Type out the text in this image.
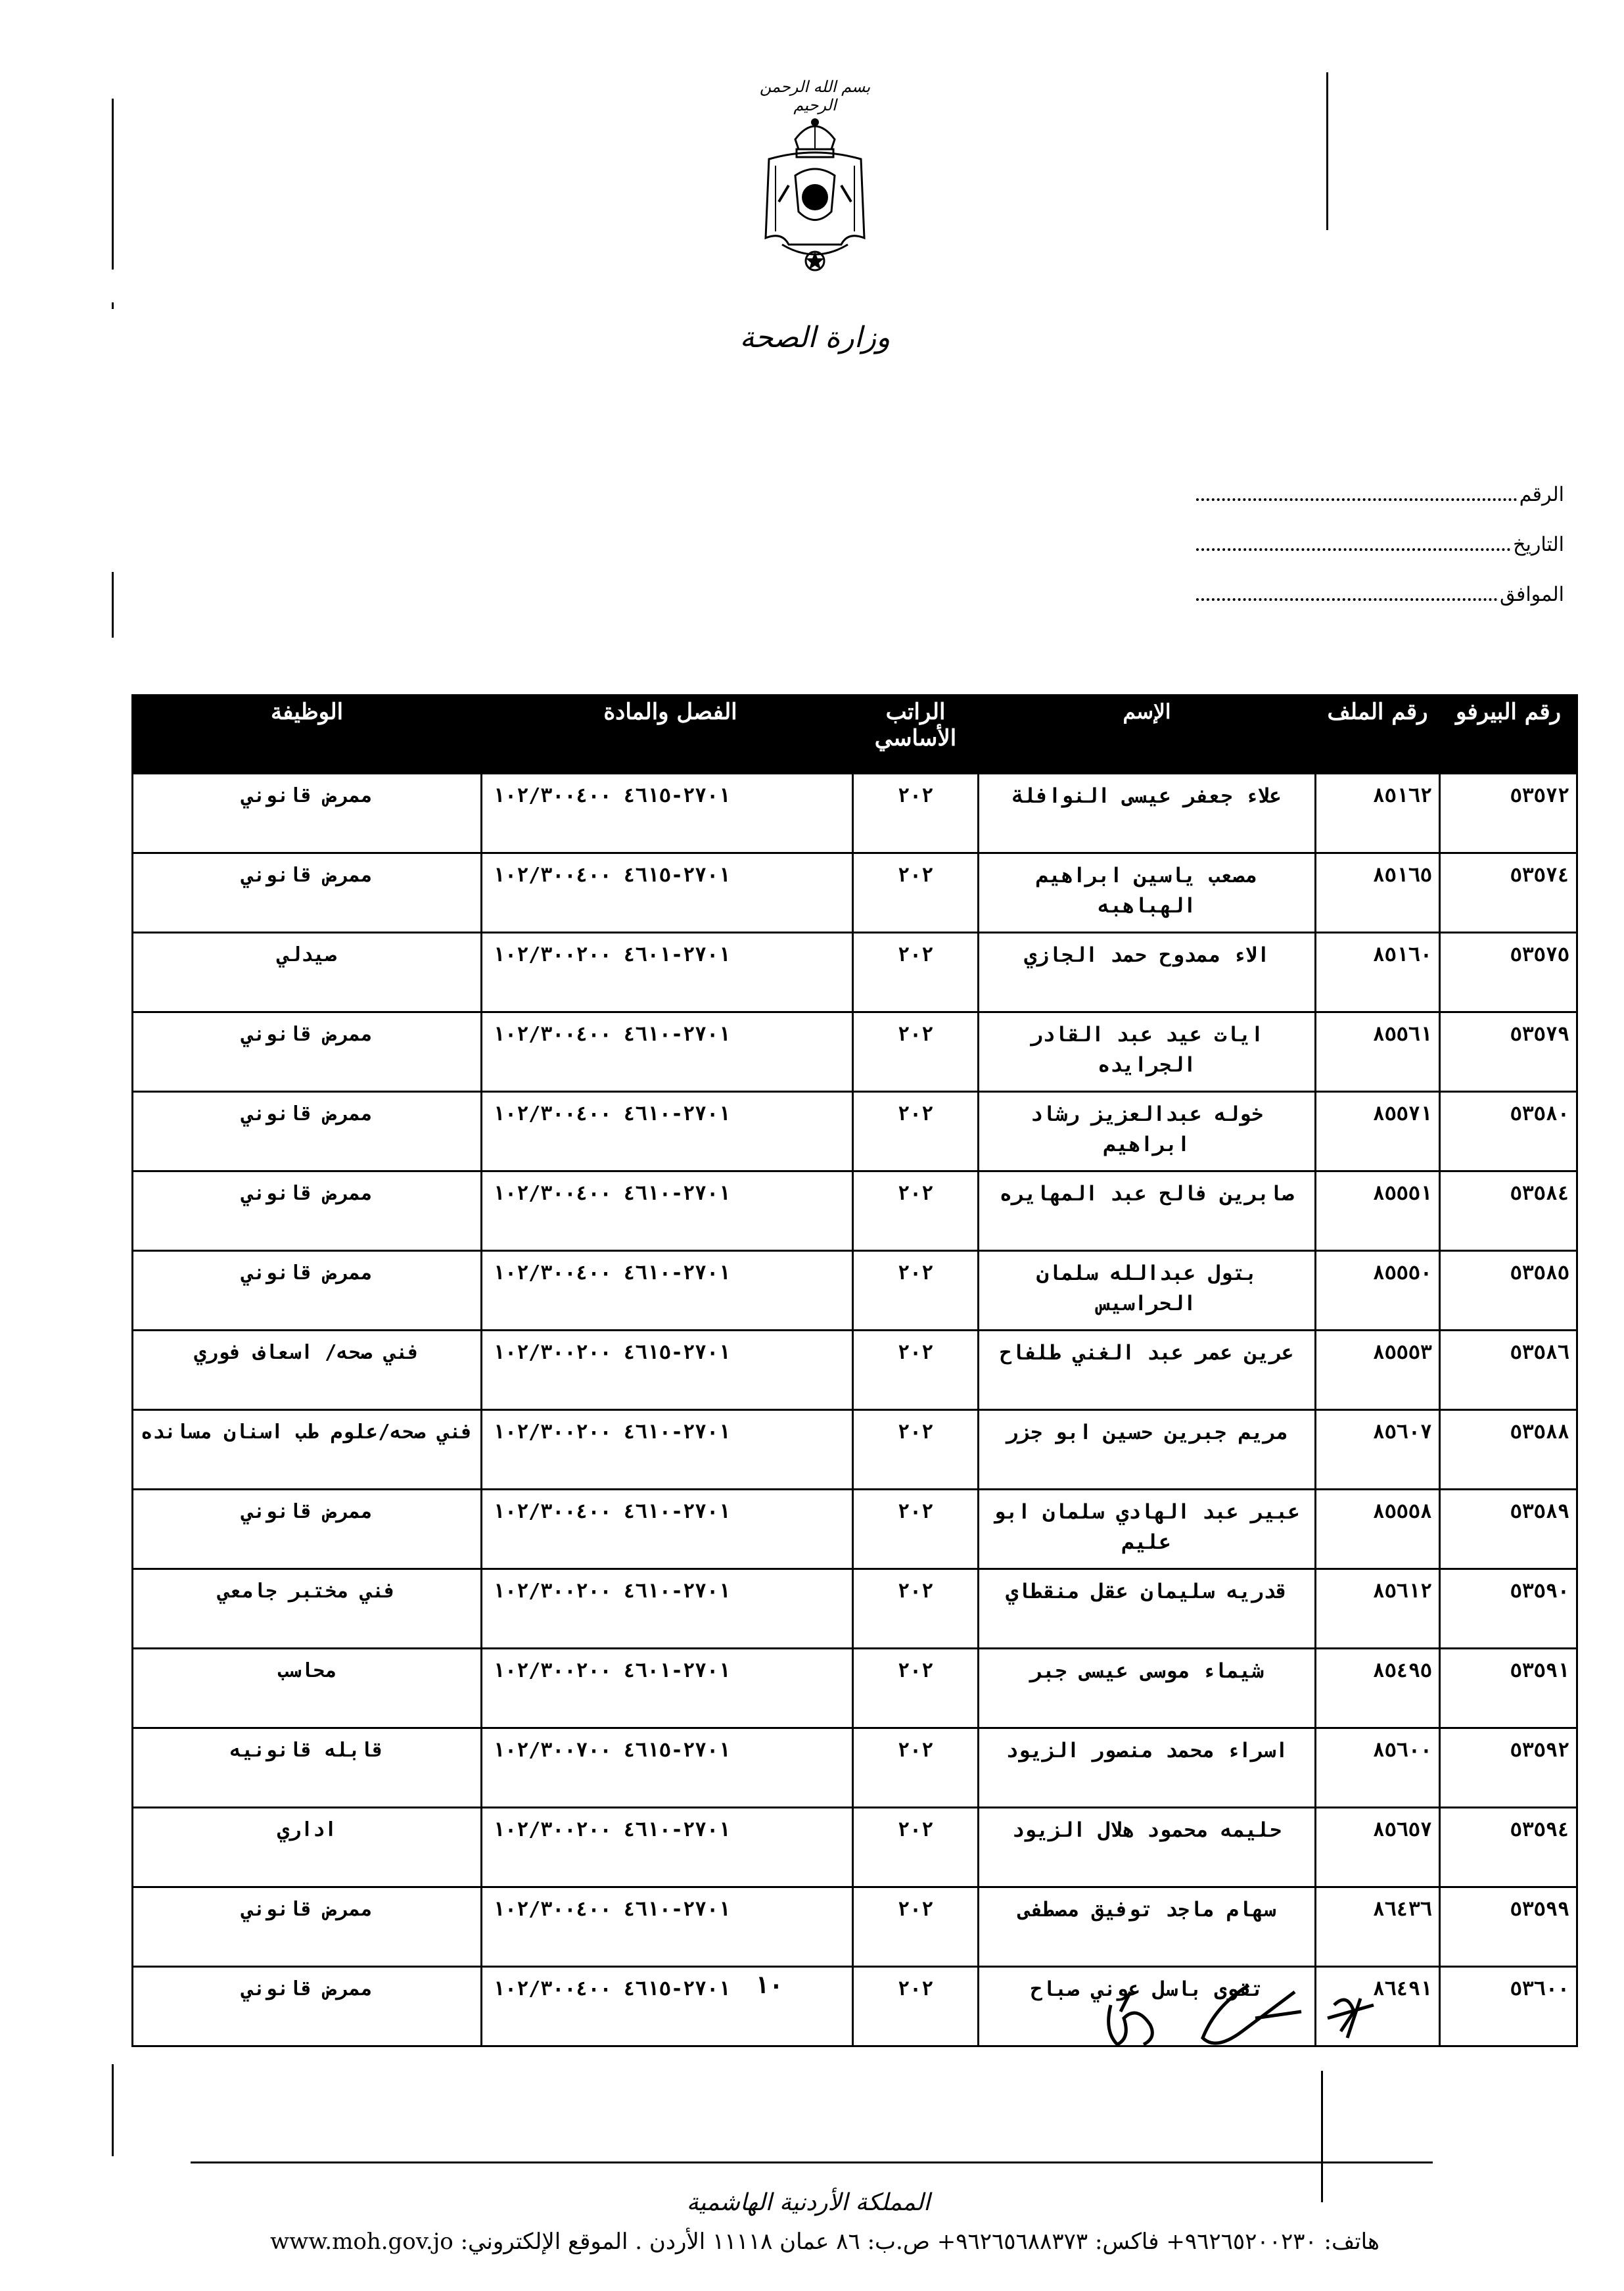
بسم الله الرحمن الرحيم
وزارة الصحة
الرقم
التاريخ
الموافق
رقم البيرفو	رقم الملف	الإسم	الراتب الأساسي	الفصل والمادة	الوظيفة
٥٣٥٧٢	٨٥١٦٢	علاء جعفر عيسى النوافلة	٢٠٢	٢٧٠١-٤٦١٥ ١٠٢/٣٠٠٤٠٠	ممرض قانوني
٥٣٥٧٤	٨٥١٦٥	مصعب ياسين ابراهيم الهباهبه	٢٠٢	٢٧٠١-٤٦١٥ ١٠٢/٣٠٠٤٠٠	ممرض قانوني
٥٣٥٧٥	٨٥١٦٠	الاء ممدوح حمد الجازي	٢٠٢	٢٧٠١-٤٦٠١ ١٠٢/٣٠٠٢٠٠	صيدلي
٥٣٥٧٩	٨٥٥٦١	ايات عيد عبد القادر الجرايده	٢٠٢	٢٧٠١-٤٦١٠ ١٠٢/٣٠٠٤٠٠	ممرض قانوني
٥٣٥٨٠	٨٥٥٧١	خوله عبدالعزيز رشاد ابراهيم	٢٠٢	٢٧٠١-٤٦١٠ ١٠٢/٣٠٠٤٠٠	ممرض قانوني
٥٣٥٨٤	٨٥٥٥١	صابرين فالح عبد المهايره	٢٠٢	٢٧٠١-٤٦١٠ ١٠٢/٣٠٠٤٠٠	ممرض قانوني
٥٣٥٨٥	٨٥٥٥٠	بتول عبدالله سلمان الحراسيس	٢٠٢	٢٧٠١-٤٦١٠ ١٠٢/٣٠٠٤٠٠	ممرض قانوني
٥٣٥٨٦	٨٥٥٥٣	عرين عمر عبد الغني طلفاح	٢٠٢	٢٧٠١-٤٦١٥ ١٠٢/٣٠٠٢٠٠	فني صحه/ اسعاف فوري
٥٣٥٨٨	٨٥٦٠٧	مريم جبرين حسين ابو جزر	٢٠٢	٢٧٠١-٤٦١٠ ١٠٢/٣٠٠٢٠٠	فني صحه/علوم طب اسنان مسانده
٥٣٥٨٩	٨٥٥٥٨	عبير عبد الهادي سلمان ابو عليم	٢٠٢	٢٧٠١-٤٦١٠ ١٠٢/٣٠٠٤٠٠	ممرض قانوني
٥٣٥٩٠	٨٥٦١٢	قدريه سليمان عقل منقطاي	٢٠٢	٢٧٠١-٤٦١٠ ١٠٢/٣٠٠٢٠٠	فني مختبر جامعي
٥٣٥٩١	٨٥٤٩٥	شيماء موسى عيسى جبر	٢٠٢	٢٧٠١-٤٦٠١ ١٠٢/٣٠٠٢٠٠	محاسب
٥٣٥٩٢	٨٥٦٠٠	اسراء محمد منصور الزيود	٢٠٢	٢٧٠١-٤٦١٥ ١٠٢/٣٠٠٧٠٠	قابله قانونيه
٥٣٥٩٤	٨٥٦٥٧	حليمه محمود هلال الزيود	٢٠٢	٢٧٠١-٤٦١٠ ١٠٢/٣٠٠٢٠٠	اداري
٥٣٥٩٩	٨٦٤٣٦	سهام ماجد توفيق مصطفى	٢٠٢	٢٧٠١-٤٦١٠ ١٠٢/٣٠٠٤٠٠	ممرض قانوني
٥٣٦٠٠	٨٦٤٩١	تقوى باسل عوني صباح	٢٠٢	٢٧٠١-٤٦١٥ ١٠٢/٣٠٠٤٠٠	ممرض قانوني	١٠
المملكة الأردنية الهاشمية
هاتف: ٩٦٢٦٥٢٠٠٢٣٠+ فاكس: ٩٦٢٦٥٦٨٨٣٧٣+ ص.ب: ٨٦ عمان ١١١١٨ الأردن . الموقع الإلكتروني: www.moh.gov.jo
